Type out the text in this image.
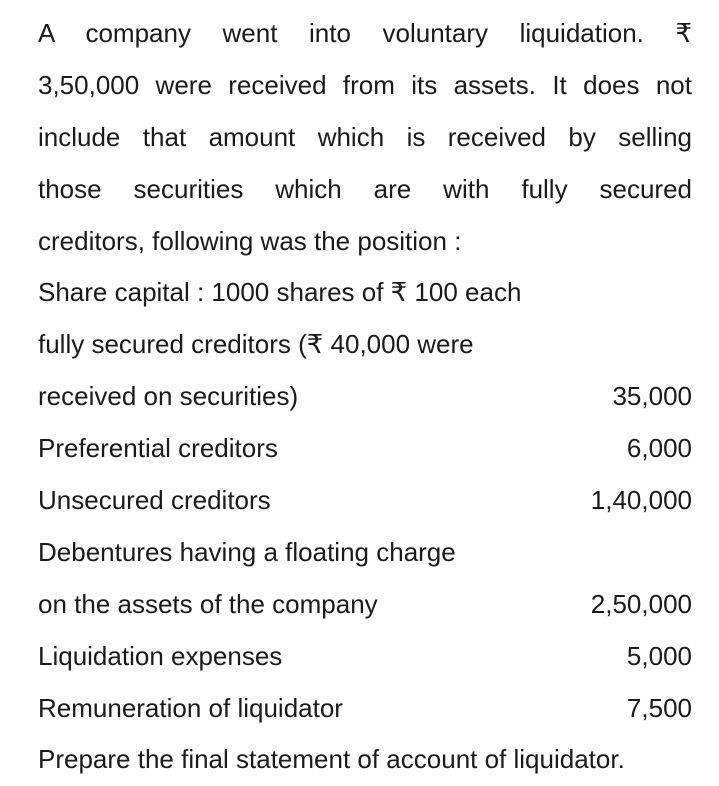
A company went into voluntary liquidation. ₹
3,50,000 were received from its assets. It does not
include that amount which is received by selling
those securities which are with fully secured
creditors, following was the position :
Share capital : 1000 shares of ₹ 100 each
fully secured creditors (₹ 40,000 were
received on securities)	35,000
Preferential creditors	6,000
Unsecured creditors	1,40,000
Debentures having a floating charge
on the assets of the company	2,50,000
Liquidation expenses	5,000
Remuneration of liquidator	7,500
Prepare the final statement of account of liquidator.
